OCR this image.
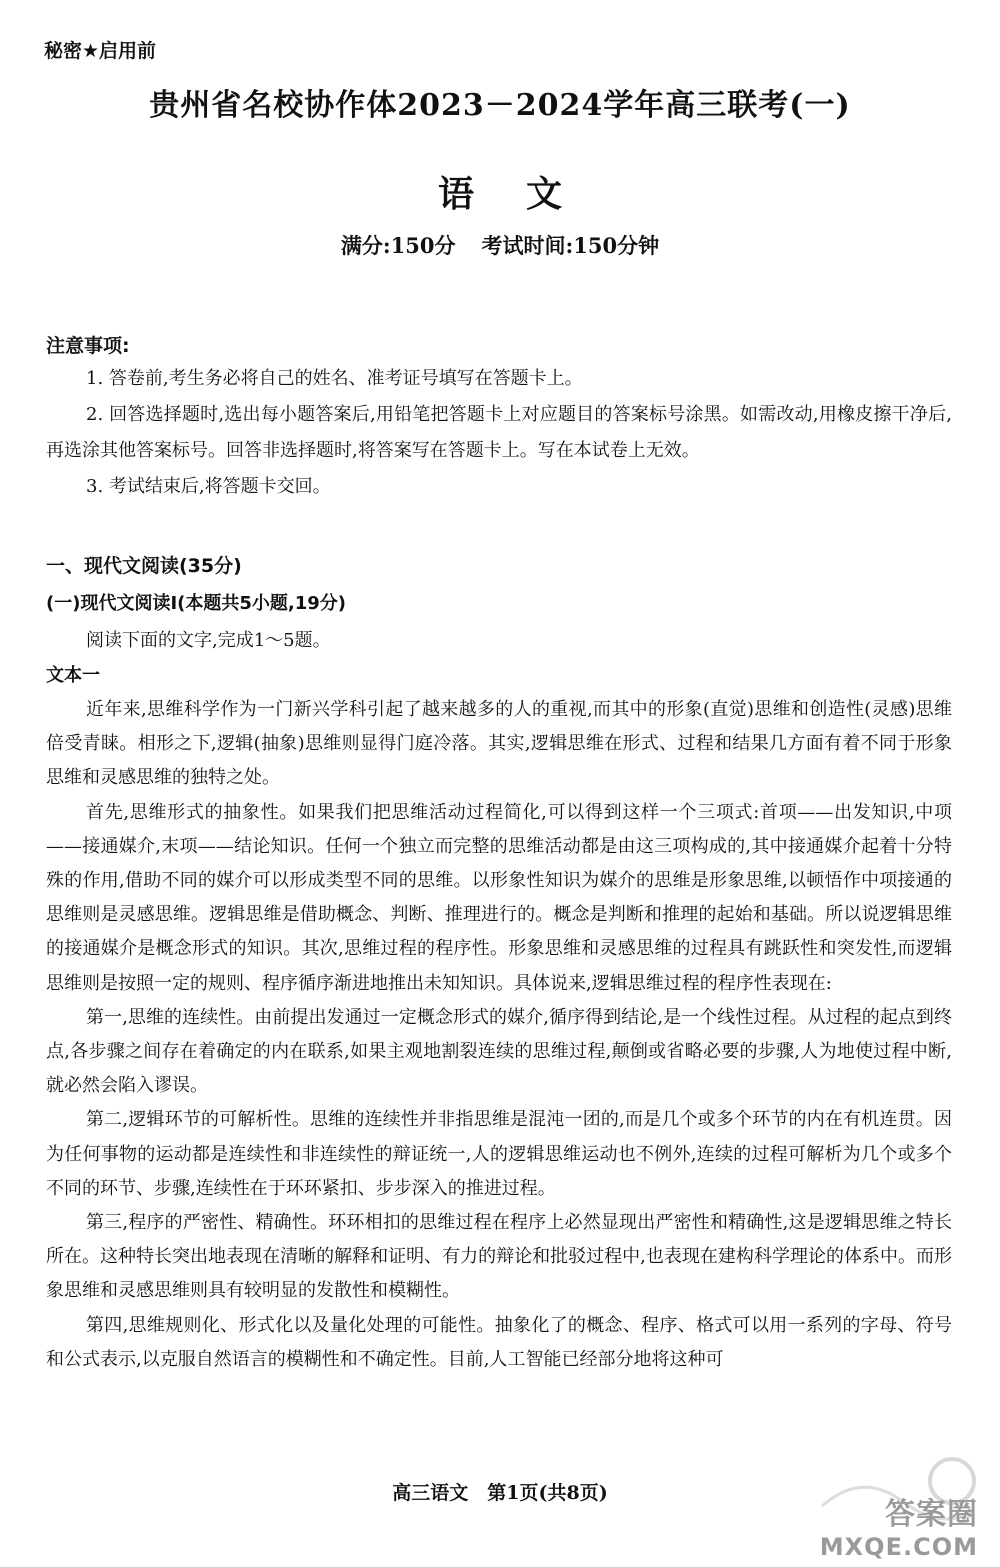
秘密★启用前
贵州省名校协作体2023－2024学年高三联考(一)
语 文
满分:150分 考试时间:150分钟
注意事项:

1. 答卷前,考生务必将自己的姓名、准考证号填写在答题卡上。

2. 回答选择题时,选出每小题答案后,用铅笔把答题卡上对应题目的答案标号涂黑。如需改动,用橡皮擦干净后,再选涂其他答案标号。回答非选择题时,将答案写在答题卡上。写在本试卷上无效。

3. 考试结束后,将答题卡交回。

一、现代文阅读(35分)
(一)现代文阅读Ⅰ(本题共5小题,19分)

阅读下面的文字,完成1～5题。

文本一

近年来,思维科学作为一门新兴学科引起了越来越多的人的重视,而其中的形象(直觉)思维和创造性(灵感)思维倍受青睐。相形之下,逻辑(抽象)思维则显得门庭冷落。其实,逻辑思维在形式、过程和结果几方面有着不同于形象思维和灵感思维的独特之处。

首先,思维形式的抽象性。如果我们把思维活动过程简化,可以得到这样一个三项式:首项——出发知识,中项——接通媒介,末项——结论知识。任何一个独立而完整的思维活动都是由这三项构成的,其中接通媒介起着十分特殊的作用,借助不同的媒介可以形成类型不同的思维。以形象性知识为媒介的思维是形象思维,以顿悟作中项接通的思维则是灵感思维。逻辑思维是借助概念、判断、推理进行的。概念是判断和推理的起始和基础。所以说逻辑思维的接通媒介是概念形式的知识。其次,思维过程的程序性。形象思维和灵感思维的过程具有跳跃性和突发性,而逻辑思维则是按照一定的规则、程序循序渐进地推出未知知识。具体说来,逻辑思维过程的程序性表现在:

第一,思维的连续性。由前提出发通过一定概念形式的媒介,循序得到结论,是一个线性过程。从过程的起点到终点,各步骤之间存在着确定的内在联系,如果主观地割裂连续的思维过程,颠倒或省略必要的步骤,人为地使过程中断,就必然会陷入谬误。

第二,逻辑环节的可解析性。思维的连续性并非指思维是混沌一团的,而是几个或多个环节的内在有机连贯。因为任何事物的运动都是连续性和非连续性的辩证统一,人的逻辑思维运动也不例外,连续的过程可解析为几个或多个不同的环节、步骤,连续性在于环环紧扣、步步深入的推进过程。

第三,程序的严密性、精确性。环环相扣的思维过程在程序上必然显现出严密性和精确性,这是逻辑思维之特长所在。这种特长突出地表现在清晰的解释和证明、有力的辩论和批驳过程中,也表现在建构科学理论的体系中。而形象思维和灵感思维则具有较明显的发散性和模糊性。

第四,思维规则化、形式化以及量化处理的可能性。抽象化了的概念、程序、格式可以用一系列的字母、符号和公式表示,以克服自然语言的模糊性和不确定性。目前,人工智能已经部分地将这种可

高三语文　第1页(共8页)
答案圈
MXQE.COM
